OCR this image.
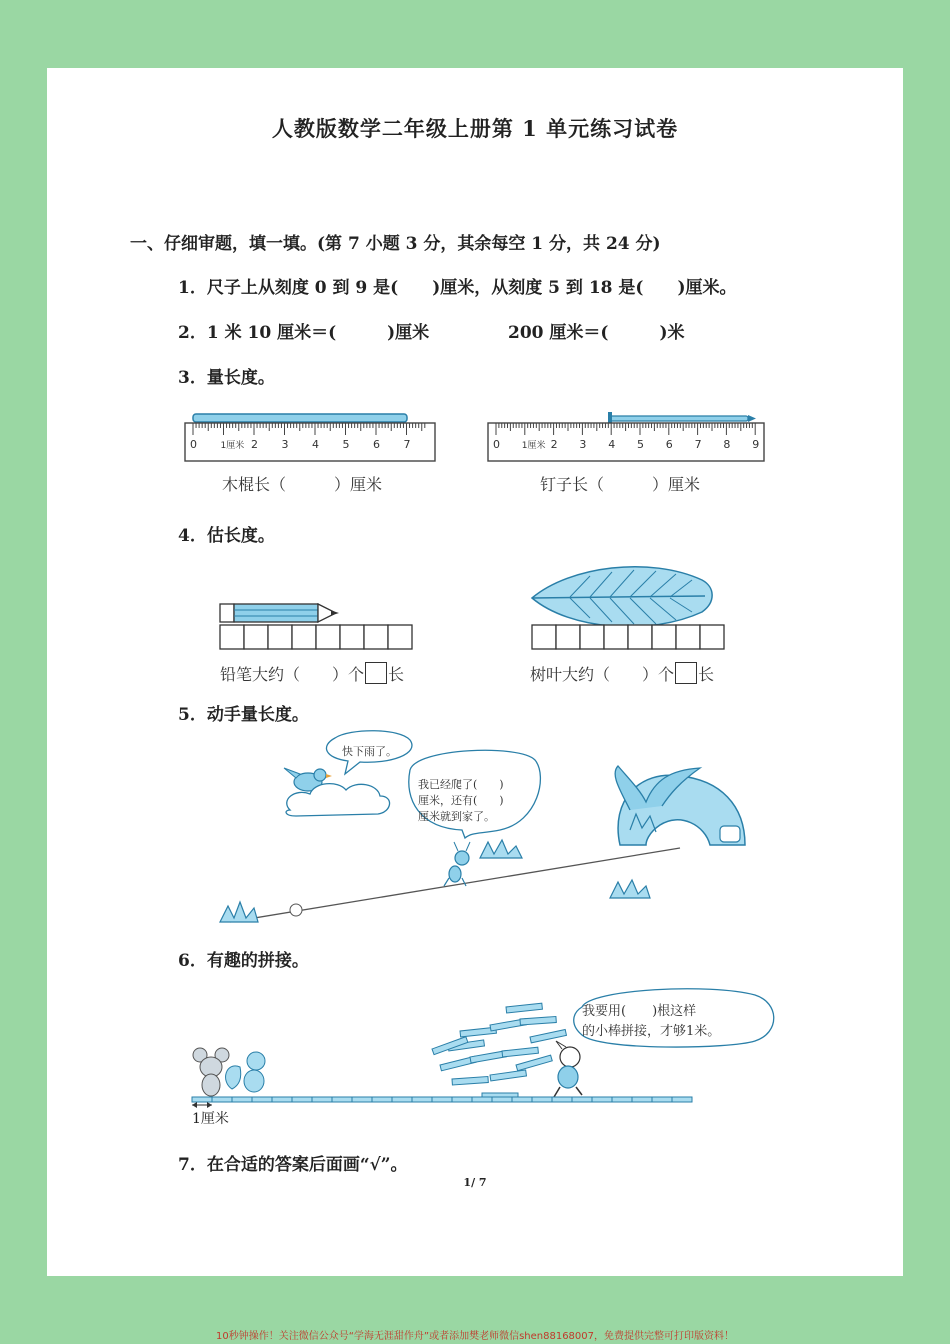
人教版数学二年级上册第 1 单元练习试卷
一、仔细审题，填一填。(第 7 小题 3 分，其余每空 1 分，共 24 分)
1．尺子上从刻度 0 到 9 是(　　)厘米，从刻度 5 到 18 是(　　)厘米。
2．1 米 10 厘米＝(　　　)厘米	200 厘米＝(　　　)米
3．量长度。
0	1厘米 2 3 4 5 6 7
木棍长（　　　）厘米
0 1厘米 2 3 4 5 6 7 8 9
钉子长（　　　）厘米
4．估长度。
铅笔大约（　　）个 长	树叶大约（　　）个 长
5．动手量长度。
快下雨了。
我已经爬了(　　)
厘米，还有(　　)
厘米就到家了。
6．有趣的拼接。
我要用(　　)根这样
的小棒拼接，才够1米。
1厘米
7．在合适的答案后面画“√”。
1/ 7
10秒钟操作！关注微信公众号“学海无涯甜作舟”或者添加樊老师微信shen88168007，免费提供完整可打印版资料！
